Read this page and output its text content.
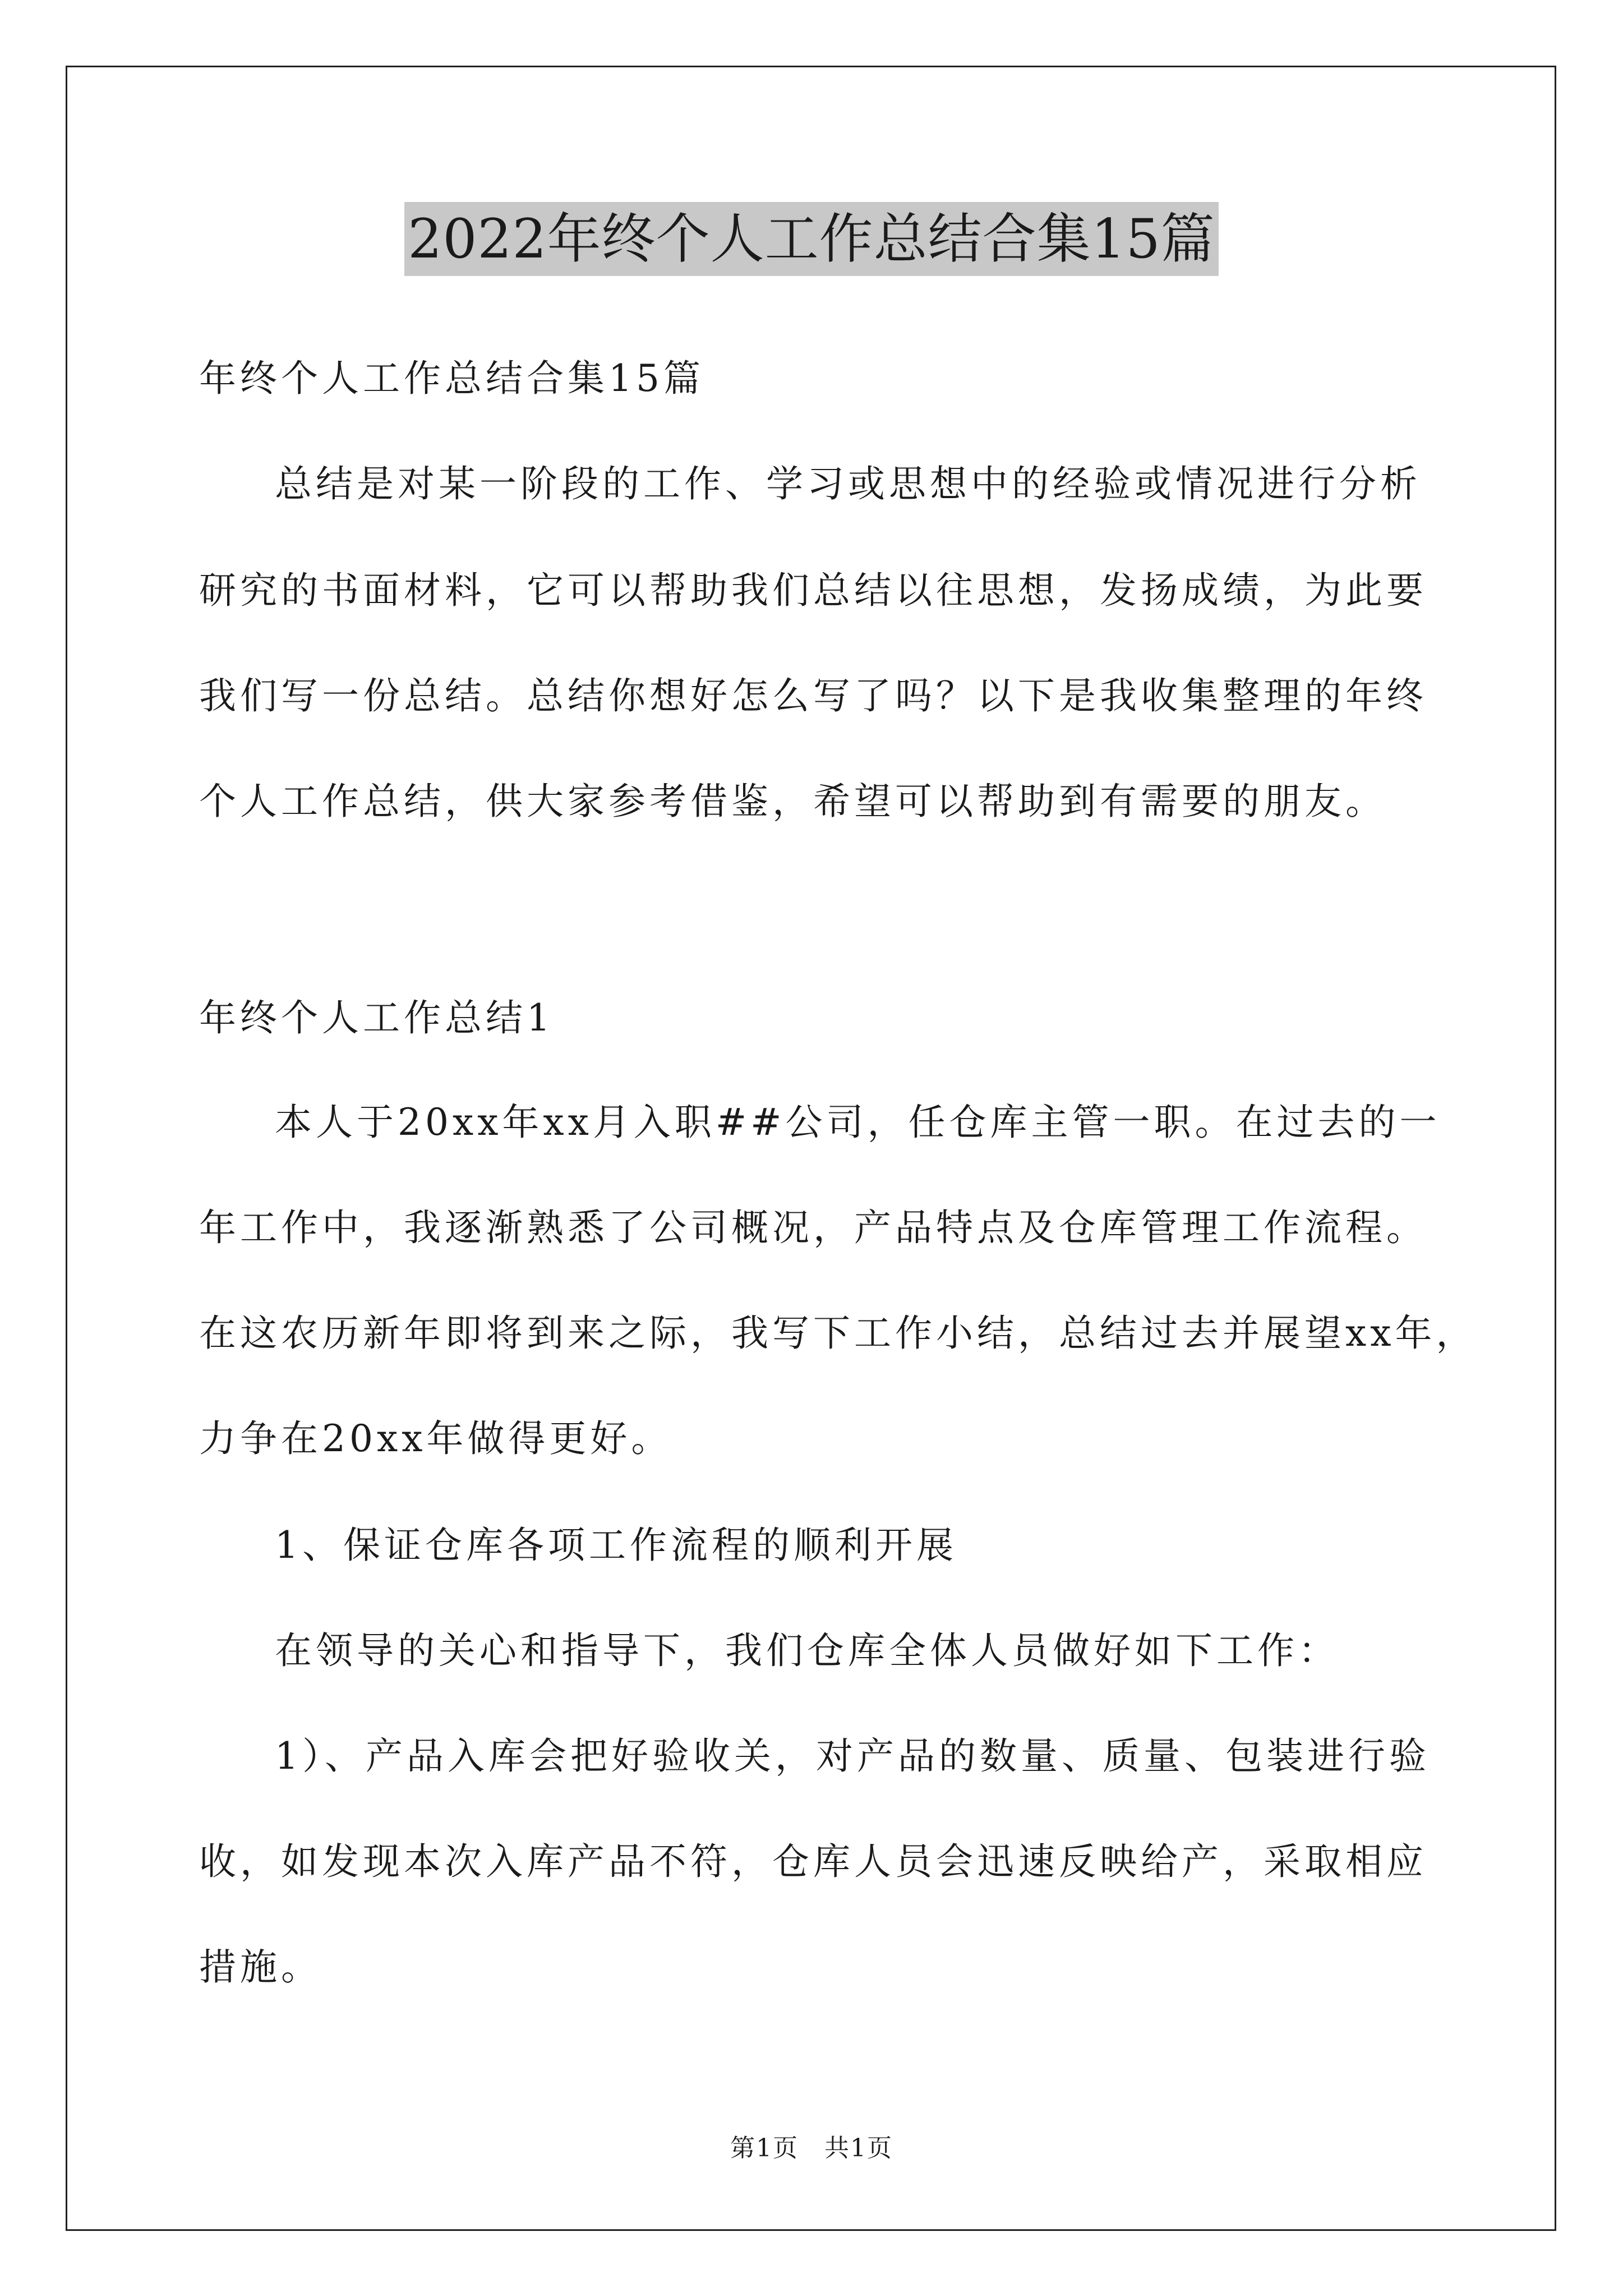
2022年终个人工作总结合集15篇
年终个人工作总结合集15篇
总结是对某一阶段的工作、学习或思想中的经验或情况进行分析
研究的书面材料，它可以帮助我们总结以往思想，发扬成绩，为此要
我们写一份总结。总结你想好怎么写了吗？以下是我收集整理的年终
个人工作总结，供大家参考借鉴，希望可以帮助到有需要的朋友。
年终个人工作总结1
本人于20xx年xx月入职##公司，任仓库主管一职。在过去的一
年工作中，我逐渐熟悉了公司概况，产品特点及仓库管理工作流程。
在这农历新年即将到来之际，我写下工作小结，总结过去并展望xx年，
力争在20xx年做得更好。
1、保证仓库各项工作流程的顺利开展
在领导的关心和指导下，我们仓库全体人员做好如下工作：
1）、产品入库会把好验收关，对产品的数量、质量、包装进行验
收，如发现本次入库产品不符，仓库人员会迅速反映给产，采取相应
措施。
第1页　共1页
